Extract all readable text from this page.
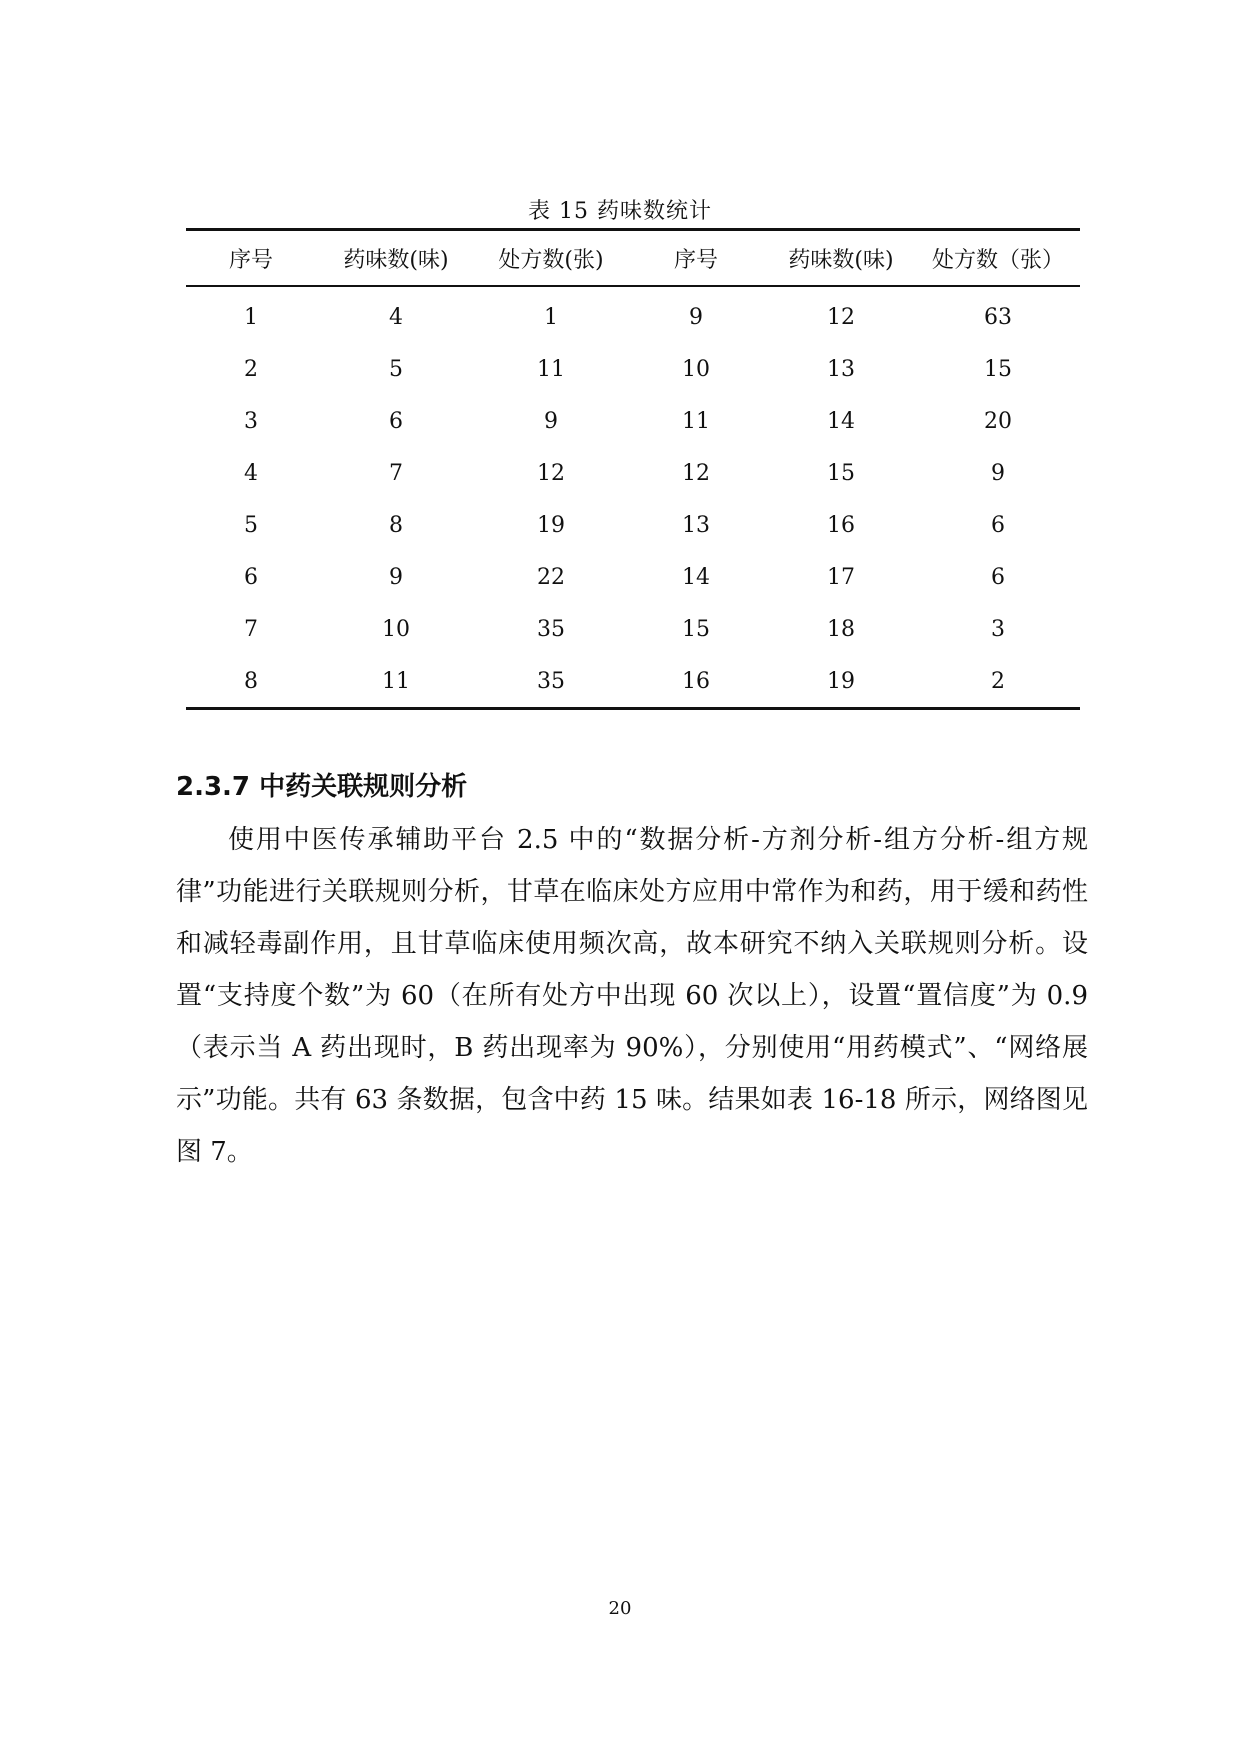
表 15 药味数统计
序号	药味数(味)	处方数(张)	序号	药味数(味)	处方数（张）
1	4	1	9	12	63
2	5	11	10	13	15
3	6	9	11	14	20
4	7	12	12	15	9
5	8	19	13	16	6
6	9	22	14	17	6
7	10	35	15	18	3
8	11	35	16	19	2
2.3.7 中药关联规则分析

使用中医传承辅助平台 2.5 中的“数据分析-方剂分析-组方分析-组方规律”功能进行关联规则分析，甘草在临床处方应用中常作为和药，用于缓和药性和减轻毒副作用，且甘草临床使用频次高，故本研究不纳入关联规则分析。设置“支持度个数”为 60（在所有处方中出现 60 次以上），设置“置信度”为 0.9（表示当 A 药出现时，B 药出现率为 90%），分别使用“用药模式”、“网络展示”功能。共有 63 条数据，包含中药 15 味。结果如表 16-18 所示，网络图见图 7。

20
